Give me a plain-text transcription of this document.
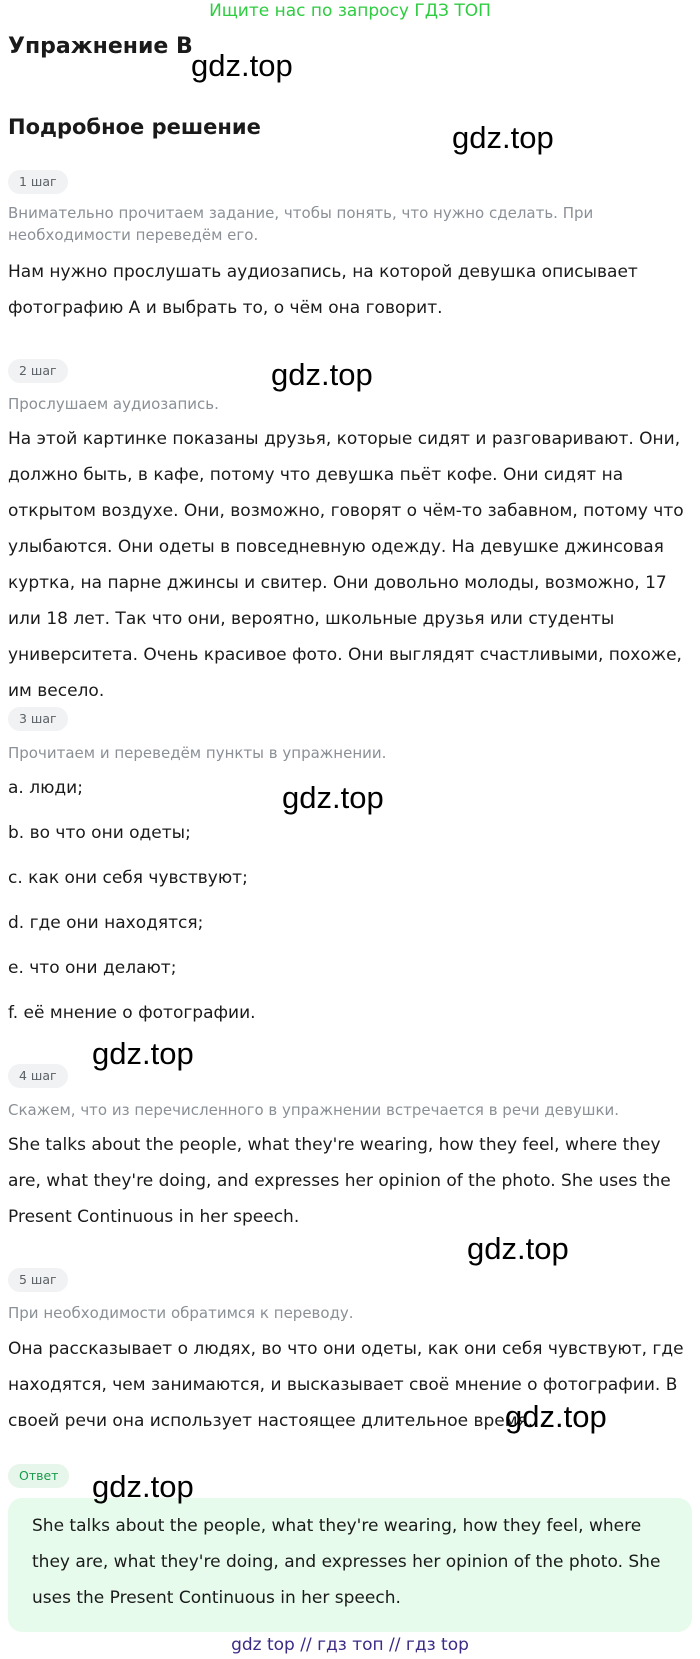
Ищите нас по запросу ГДЗ ТОП
Упражнение B
gdz.top
Подробное решение	gdz.top
1 шаг
Внимательно прочитаем задание, чтобы понять, что нужно сделать. При необходимости переведём его.
Нам нужно прослушать аудиозапись, на которой девушка описывает фотографию A и выбрать то, о чём она говорит.
2 шаг	gdz.top
Прослушаем аудиозапись.
На этой картинке показаны друзья, которые сидят и разговаривают. Они, должно быть, в кафе, потому что девушка пьёт кофе. Они сидят на открытом воздухе. Они, возможно, говорят о чём-то забавном, потому что улыбаются. Они одеты в повседневную одежду. На девушке джинсовая куртка, на парне джинсы и свитер. Они довольно молоды, возможно, 17 или 18 лет. Так что они, вероятно, школьные друзья или студенты университета. Очень красивое фото. Они выглядят счастливыми, похоже, им весело.
3 шаг
Прочитаем и переведём пункты в упражнении.
a. люди;	gdz.top
b. во что они одеты;
c. как они себя чувствуют;
d. где они находятся;
e. что они делают;
f. её мнение о фотографии.
gdz.top
4 шаг
Скажем, что из перечисленного в упражнении встречается в речи девушки.
She talks about the people, what they're wearing, how they feel, where they are, what they're doing, and expresses her opinion of the photo. She uses the Present Continuous in her speech.
gdz.top
5 шаг
При необходимости обратимся к переводу.
Она рассказывает о людях, во что они одеты, как они себя чувствуют, где находятся, чем занимаются, и высказывает своё мнение о фотографии. В своей речи она использует настоящее длительное время.
gdz.top
Ответ
She talks about the people, what they're wearing, how they feel, where they are, what they're doing, and expresses her opinion of the photo. She uses the Present Continuous in her speech.
gdz.top
gdz top // гдз топ // гдз top
